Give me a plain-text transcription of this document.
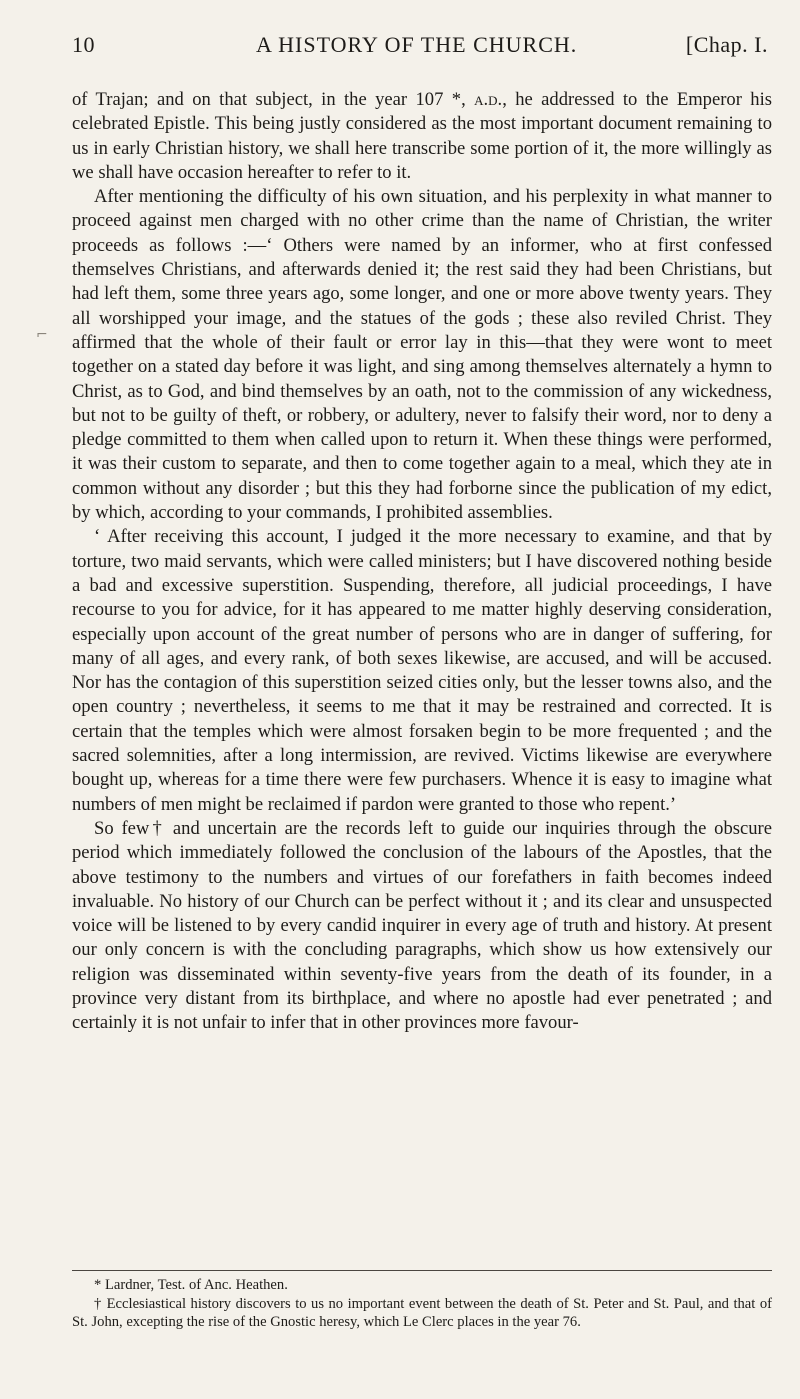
10	A HISTORY OF THE CHURCH.	[Chap. I.
⌐

of Trajan; and on that subject, in the year 107 *, a.d., he addressed to the Emperor his celebrated Epistle. This being justly considered as the most important document remaining to us in early Christian history, we shall here transcribe some portion of it, the more willingly as we shall have occasion hereafter to refer to it.

After mentioning the difficulty of his own situation, and his perplexity in what manner to proceed against men charged with no other crime than the name of Christian, the writer proceeds as follows :—‘ Others were named by an informer, who at first confessed themselves Christians, and afterwards denied it; the rest said they had been Christians, but had left them, some three years ago, some longer, and one or more above twenty years. They all worshipped your image, and the statues of the gods ; these also reviled Christ. They affirmed that the whole of their fault or error lay in this—that they were wont to meet together on a stated day before it was light, and sing among themselves alternately a hymn to Christ, as to God, and bind themselves by an oath, not to the commission of any wickedness, but not to be guilty of theft, or robbery, or adultery, never to falsify their word, nor to deny a pledge committed to them when called upon to return it. When these things were performed, it was their custom to separate, and then to come together again to a meal, which they ate in common without any disorder ; but this they had forborne since the publication of my edict, by which, according to your commands, I prohibited assemblies.

‘ After receiving this account, I judged it the more necessary to examine, and that by torture, two maid servants, which were called ministers; but I have discovered nothing beside a bad and excessive superstition. Suspending, therefore, all judicial proceedings, I have recourse to you for advice, for it has appeared to me matter highly deserving consideration, especially upon account of the great number of persons who are in danger of suffering, for many of all ages, and every rank, of both sexes likewise, are accused, and will be accused. Nor has the contagion of this superstition seized cities only, but the lesser towns also, and the open country ; nevertheless, it seems to me that it may be restrained and corrected. It is certain that the temples which were almost forsaken begin to be more frequented ; and the sacred solemnities, after a long intermission, are revived. Victims likewise are everywhere bought up, whereas for a time there were few purchasers. Whence it is easy to imagine what numbers of men might be reclaimed if pardon were granted to those who repent.’

So few† and uncertain are the records left to guide our inquiries through the obscure period which immediately followed the conclusion of the labours of the Apostles, that the above testimony to the numbers and virtues of our forefathers in faith becomes indeed invaluable. No history of our Church can be perfect without it ; and its clear and unsuspected voice will be listened to by every candid inquirer in every age of truth and history. At present our only concern is with the concluding paragraphs, which show us how extensively our religion was disseminated within seventy-five years from the death of its founder, in a province very distant from its birthplace, and where no apostle had ever penetrated ; and certainly it is not unfair to infer that in other provinces more favour-

* Lardner, Test. of Anc. Heathen.

† Ecclesiastical history discovers to us no important event between the death of St. Peter and St. Paul, and that of St. John, excepting the rise of the Gnostic heresy, which Le Clerc places in the year 76.
